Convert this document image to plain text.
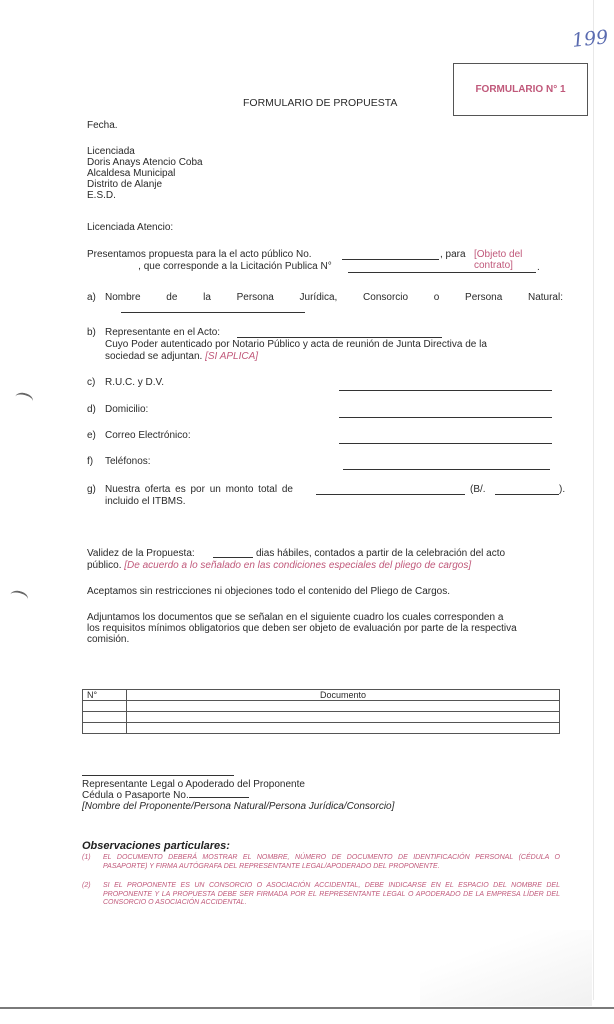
199
FORMULARIO N° 1
FORMULARIO DE PROPUESTA
Fecha.
Licenciada
Doris Anays Atencio Coba
Alcaldesa Municipal
Distrito de Alanje
E.S.D.
Licenciada Atencio:
Presentamos propuesta para la el acto público No.	, para [Objeto del contrato]
, que corresponde a la Licitación Publica N°	.
a) Nombre de la Persona Jurídica, Consorcio o Persona Natural:
b) Representante en el Acto:
Cuyo Poder autenticado por Notario Público y acta de reunión de Junta Directiva de la
sociedad se adjuntan. [SI APLICA]
c) R.U.C. y D.V.
d) Domicilio:
e) Correo Electrónico:
f) Teléfonos:
g) Nuestra oferta es por un monto total de	(B/.	).
incluido el ITBMS.
Validez de la Propuesta:	dias hábiles, contados a partir de la celebración del acto
público. [De acuerdo a lo señalado en las condiciones especiales del pliego de cargos]
Aceptamos sin restricciones ni objeciones todo el contenido del Pliego de Cargos.
Adjuntamos los documentos que se señalan en el siguiente cuadro los cuales corresponden a
los requisitos mínimos obligatorios que deben ser objeto de evaluación por parte de la respectiva
comisión.
N°	Documento

Representante Legal o Apoderado del Proponente
Cédula o Pasaporte No.
[Nombre del Proponente/Persona Natural/Persona Jurídica/Consorcio]
Observaciones particulares:
(1)	EL DOCUMENTO DEBERÁ MOSTRAR EL NOMBRE, NÚMERO DE DOCUMENTO DE IDENTIFICACIÓN PERSONAL (CÉDULA O PASAPORTE) Y FIRMA AUTÓGRAFA DEL REPRESENTANTE LEGAL/APODERADO DEL PROPONENTE.
(2)	SI EL PROPONENTE ES UN CONSORCIO O ASOCIACIÓN ACCIDENTAL, DEBE INDICARSE EN EL ESPACIO DEL NOMBRE DEL PROPONENTE Y LA PROPUESTA DEBE SER FIRMADA POR EL REPRESENTANTE LEGAL O APODERADO DE LA EMPRESA LÍDER DEL CONSORCIO O ASOCIACIÓN ACCIDENTAL.
